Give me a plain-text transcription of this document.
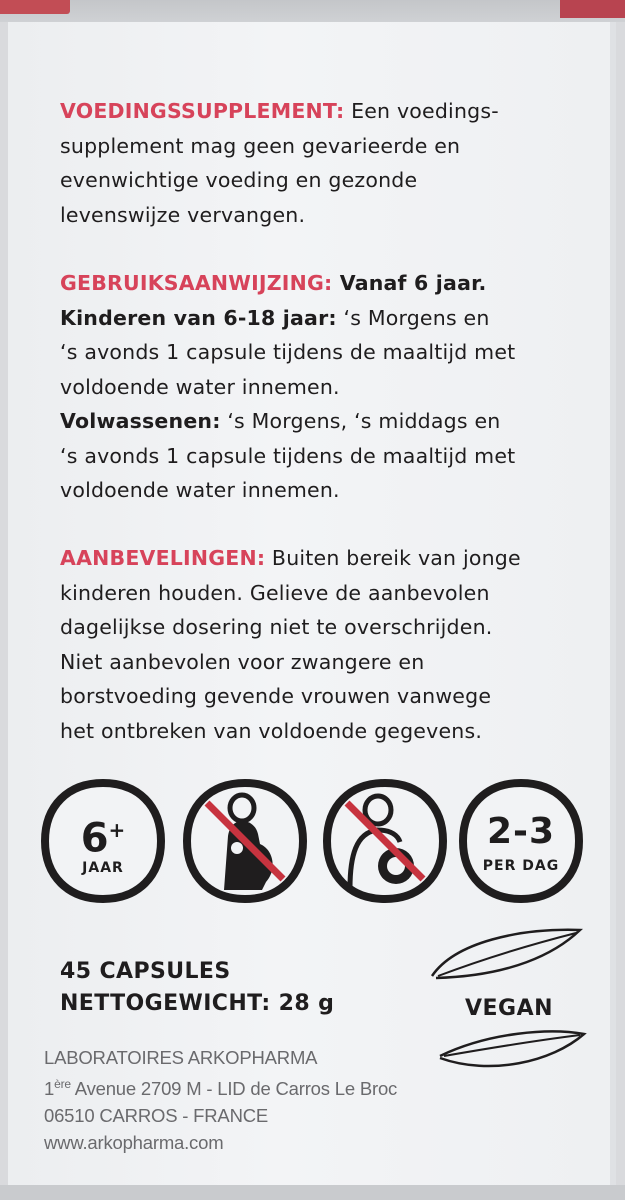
VOEDINGSSUPPLEMENT: Een voedings-

supplement mag geen gevarieerde en

evenwichtige voeding en gezonde

levenswijze vervangen.

GEBRUIKSAANWIJZING: Vanaf 6 jaar.

Kinderen van 6-18 jaar: ‘s Morgens en

‘s avonds 1 capsule tijdens de maaltijd met

voldoende water innemen.

Volwassenen: ‘s Morgens, ‘s middags en

‘s avonds 1 capsule tijdens de maaltijd met

voldoende water innemen.

AANBEVELINGEN: Buiten bereik van jonge

kinderen houden. Gelieve de aanbevolen

dagelijkse dosering niet te overschrijden.

Niet aanbevolen voor zwangere en

borstvoeding gevende vrouwen vanwege

het ontbreken van voldoende gegevens.

6+
JAAR
2-3
PER DAG
45 CAPSULES
NETTOGEWICHT: 28 g
LABORATOIRES ARKOPHARMA
1ère Avenue 2709 M - LID de Carros Le Broc
06510 CARROS - FRANCE
www.arkopharma.com
VEGAN
